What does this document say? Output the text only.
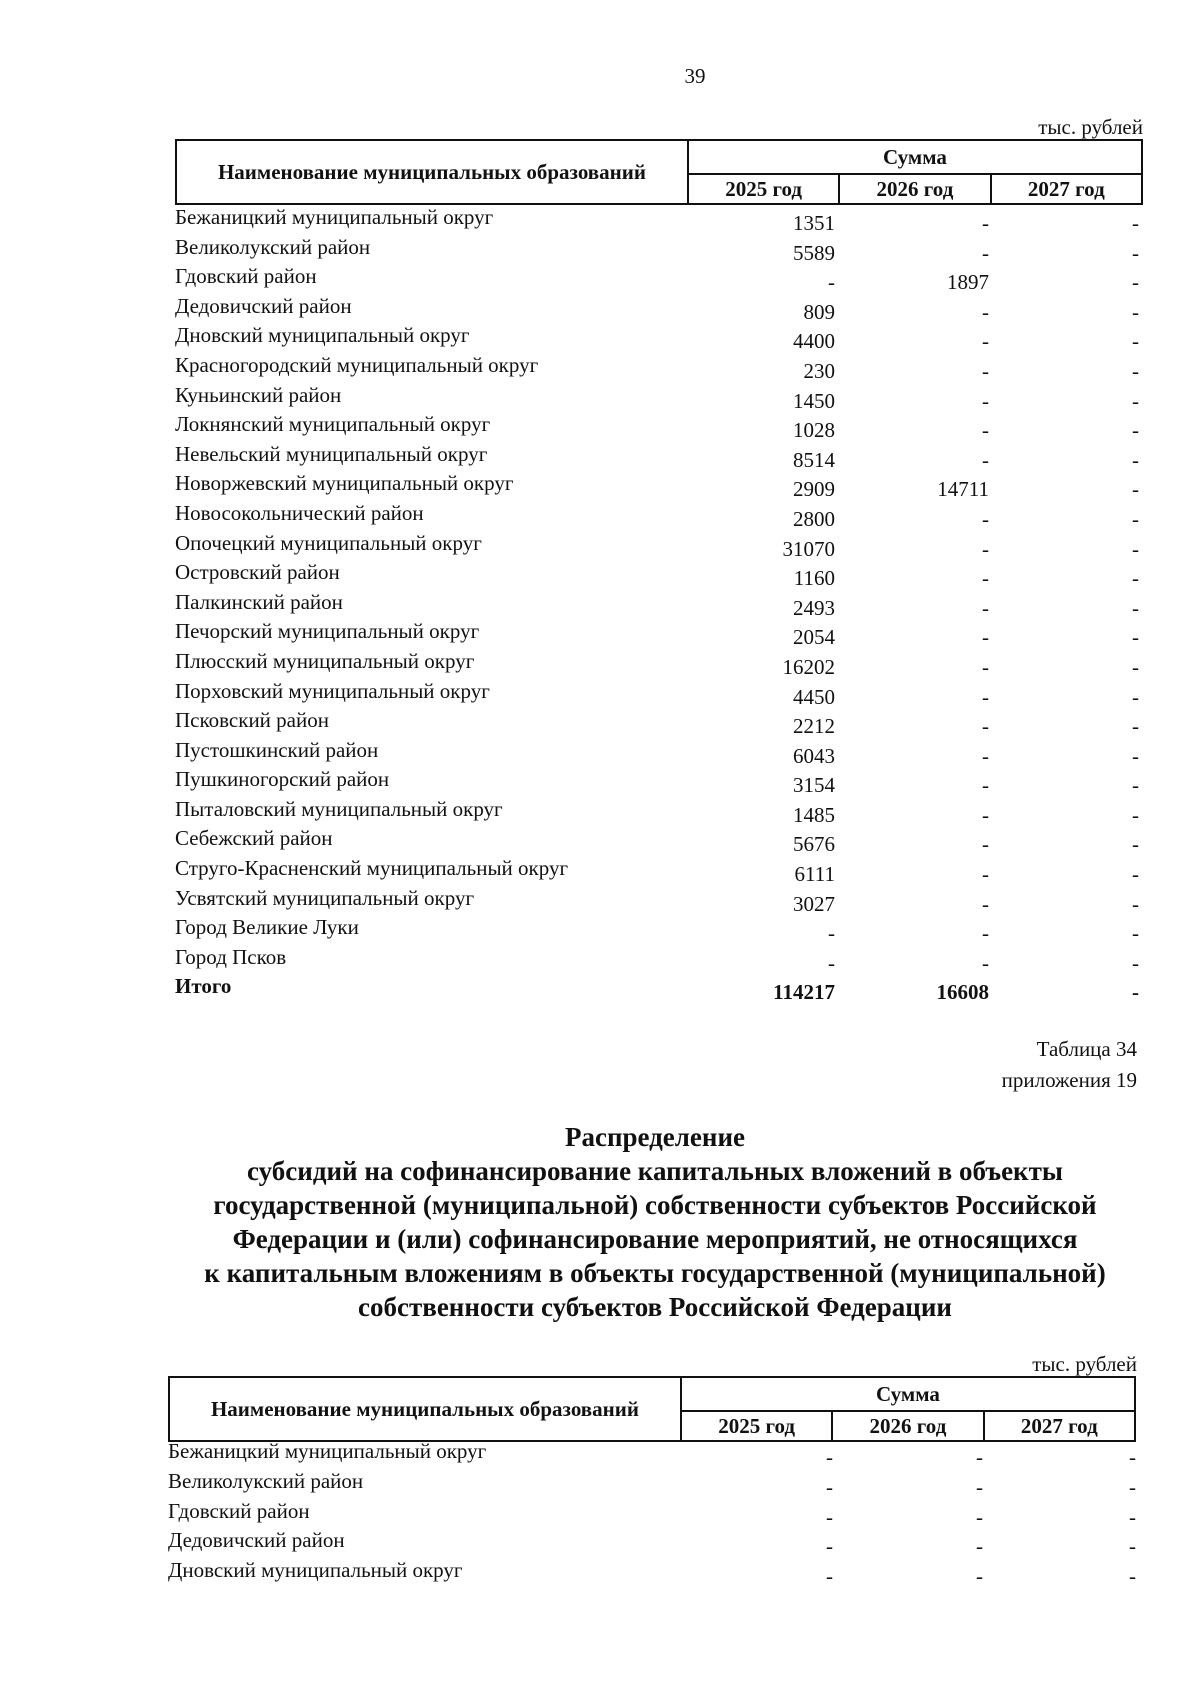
39
тыс. рублей
Наименование муниципальных образований	Сумма		
	2025 год	2026 год	2027 год
Бежаницкий муниципальный округ	1351	-	-
Великолукский район	5589	-	-
Гдовский район	-	1897	-
Дедовичский район	809	-	-
Дновский муниципальный округ	4400	-	-
Красногородский муниципальный округ	230	-	-
Куньинский район	1450	-	-
Локнянский муниципальный округ	1028	-	-
Невельский муниципальный округ	8514	-	-
Новоржевский муниципальный округ	2909	14711	-
Новосокольнический район	2800	-	-
Опочецкий муниципальный округ	31070	-	-
Островский район	1160	-	-
Палкинский район	2493	-	-
Печорский муниципальный округ	2054	-	-
Плюсский муниципальный округ	16202	-	-
Порховский муниципальный округ	4450	-	-
Псковский район	2212	-	-
Пустошкинский район	6043	-	-
Пушкиногорский район	3154	-	-
Пыталовский муниципальный округ	1485	-	-
Себежский район	5676	-	-
Струго-Красненский муниципальный округ	6111	-	-
Усвятский муниципальный округ	3027	-	-
Город Великие Луки	-	-	-
Город Псков	-	-	-
Итого	114217	16608	-
Таблица 34
приложения 19
Распределение
субсидий на софинансирование капитальных вложений в объекты
государственной (муниципальной) собственности субъектов Российской
Федерации и (или) софинансирование мероприятий, не относящихся
к капитальным вложениям в объекты государственной (муниципальной)
собственности субъектов Российской Федерации
тыс. рублей
Наименование муниципальных образований	Сумма		
	2025 год	2026 год	2027 год
Бежаницкий муниципальный округ	-	-	-
Великолукский район	-	-	-
Гдовский район	-	-	-
Дедовичский район	-	-	-
Дновский муниципальный округ	-	-	-
